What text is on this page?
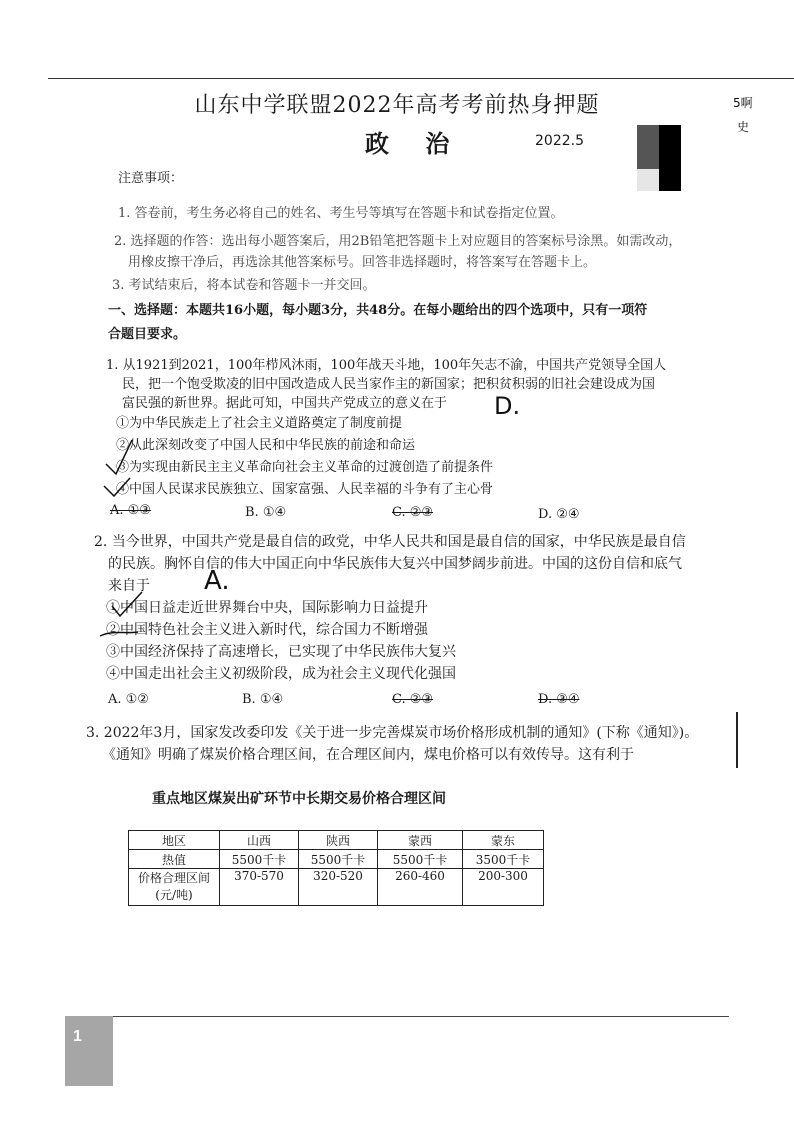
山东中学联盟2022年高考考前热身押题
政 治	2022.5
5啊
史
注意事项：
1. 答卷前，考生务必将自己的姓名、考生号等填写在答题卡和试卷指定位置。
2. 选择题的作答：选出每小题答案后，用2B铅笔把答题卡上对应题目的答案标号涂黑。如需改动，
用橡皮擦干净后，再选涂其他答案标号。回答非选择题时，将答案写在答题卡上。
3. 考试结束后，将本试卷和答题卡一并交回。
一、选择题：本题共16小题，每小题3分，共48分。在每小题给出的四个选项中，只有一项符
合题目要求。
1. 从1921到2021，100年栉风沐雨，100年战天斗地，100年矢志不渝，中国共产党领导全国人
民，把一个饱受欺凌的旧中国改造成人民当家作主的新国家；把积贫积弱的旧社会建设成为国
富民强的新世界。据此可知，中国共产党成立的意义在于 D.
①为中华民族走上了社会主义道路奠定了制度前提
②从此深刻改变了中国人民和中华民族的前途和命运
③为实现由新民主主义革命向社会主义革命的过渡创造了前提条件
④中国人民谋求民族独立、国家富强、人民幸福的斗争有了主心骨
A. ①③	B. ①④	C. ②③	D. ②④
2. 当今世界，中国共产党是最自信的政党，中华人民共和国是最自信的国家，中华民族是最自信
的民族。胸怀自信的伟大中国正向中华民族伟大复兴中国梦阔步前进。中国的这份自信和底气
来自于 A.
①中国日益走近世界舞台中央，国际影响力日益提升
②中国特色社会主义进入新时代，综合国力不断增强
③中国经济保持了高速增长，已实现了中华民族伟大复兴
④中国走出社会主义初级阶段，成为社会主义现代化强国
A. ①②	B. ①④	C. ②③	D. ③④
3. 2022年3月，国家发改委印发《关于进一步完善煤炭市场价格形成机制的通知》(下称《通知》)。
《通知》明确了煤炭价格合理区间，在合理区间内，煤电价格可以有效传导。这有利于
重点地区煤炭出矿环节中长期交易价格合理区间
地区	山西	陕西	蒙西	蒙东
热值	5500千卡	5500千卡	5500千卡	3500千卡
价格合理区间
(元/吨)	370-570	320-520	260-460	200-300
1
